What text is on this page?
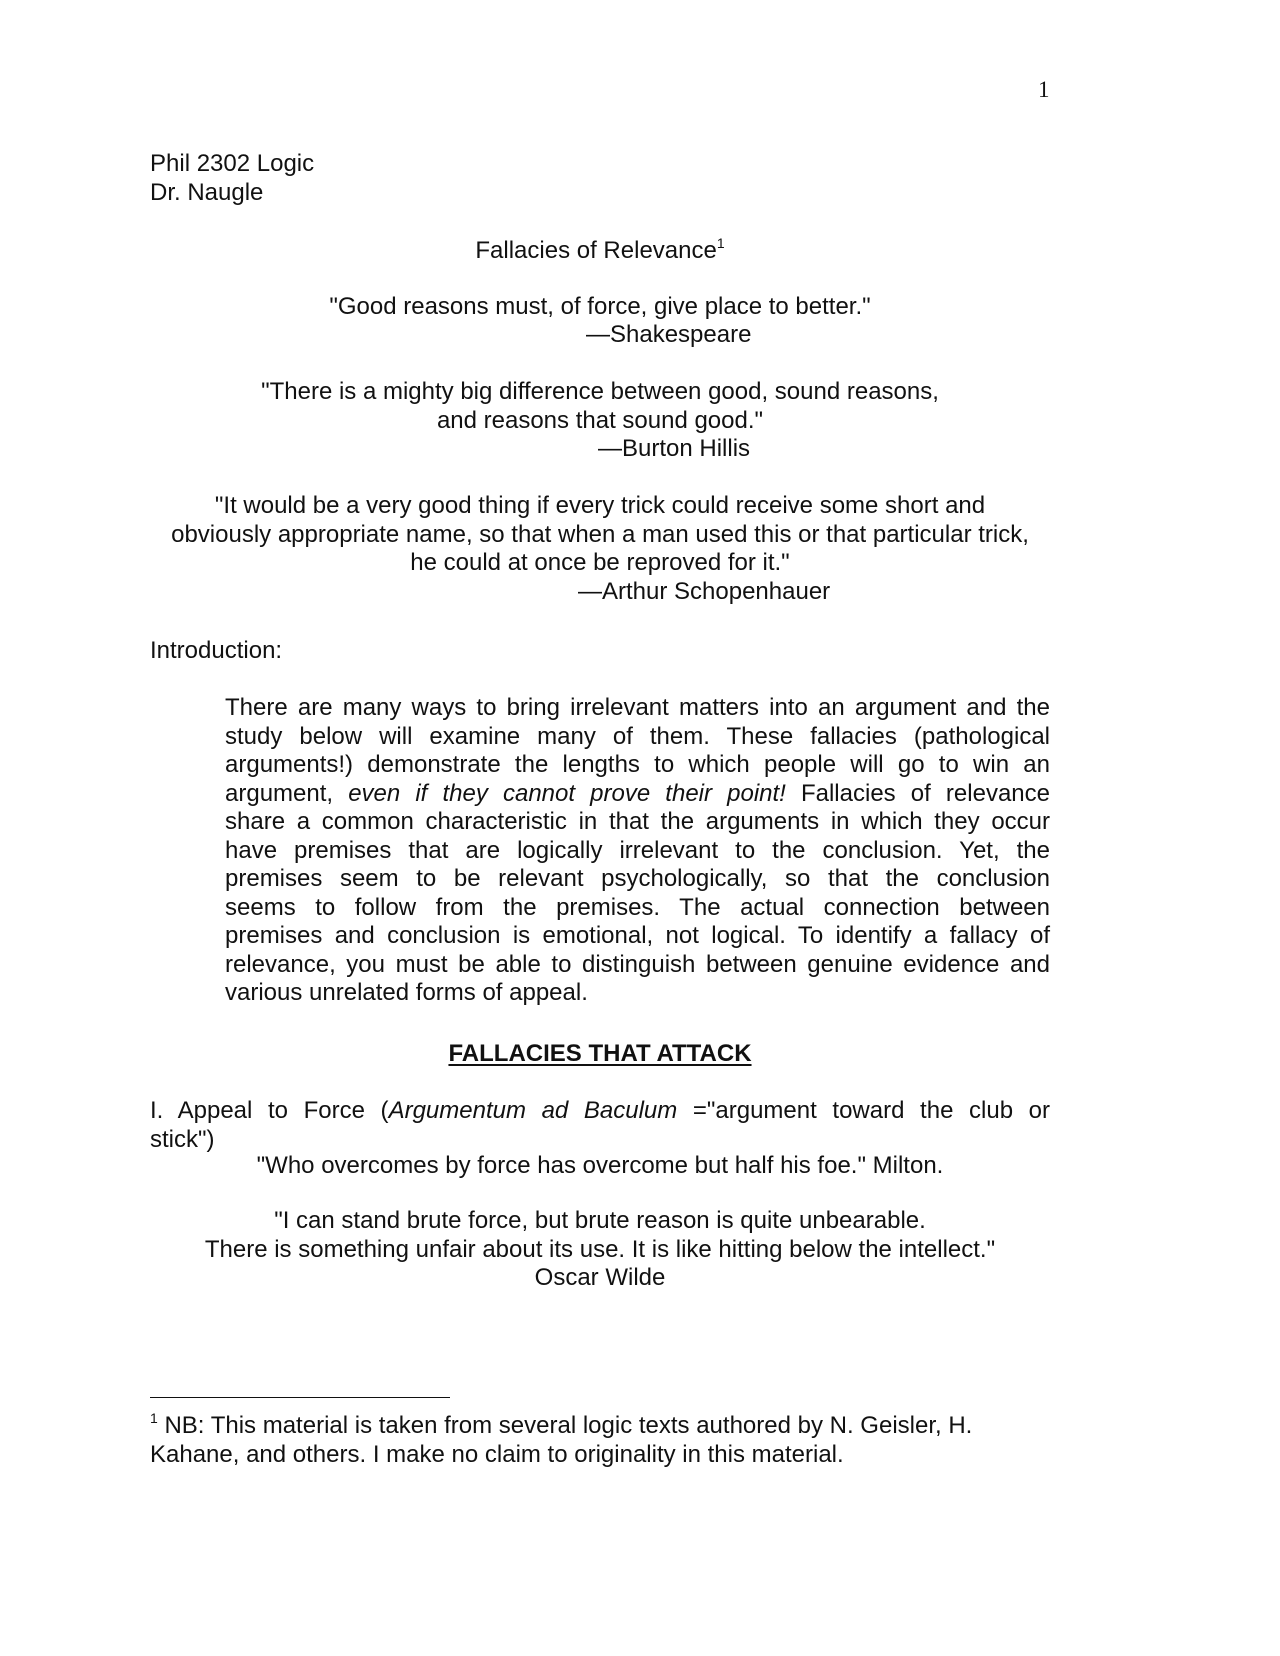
1
Phil 2302 Logic
Dr. Naugle
Fallacies of Relevance$^1$
"Good reasons must, of force, give place to better."
—Shakespeare
"There is a mighty big difference between good, sound reasons,
and reasons that sound good."
—Burton Hillis
"It would be a very good thing if every trick could receive some short and
obviously appropriate name, so that when a man used this or that particular trick,
he could at once be reproved for it."
—Arthur Schopenhauer
Introduction:
There are many ways to bring irrelevant matters into an argument and the
study below will examine many of them. These fallacies (pathological
arguments!) demonstrate the lengths to which people will go to win an
argument, even if they cannot prove their point! Fallacies of relevance
share a common characteristic in that the arguments in which they occur
have premises that are logically irrelevant to the conclusion. Yet, the
premises seem to be relevant psychologically, so that the conclusion
seems to follow from the premises. The actual connection between
premises and conclusion is emotional, not logical. To identify a fallacy of
relevance, you must be able to distinguish between genuine evidence and
various unrelated forms of appeal.
FALLACIES THAT ATTACK
I. Appeal to Force (Argumentum ad Baculum ="argument toward the club or
stick")
"Who overcomes by force has overcome but half his foe." Milton.
"I can stand brute force, but brute reason is quite unbearable.
There is something unfair about its use. It is like hitting below the intellect."
Oscar Wilde
$^1$ NB: This material is taken from several logic texts authored by N. Geisler, H.
Kahane, and others. I make no claim to originality in this material.
